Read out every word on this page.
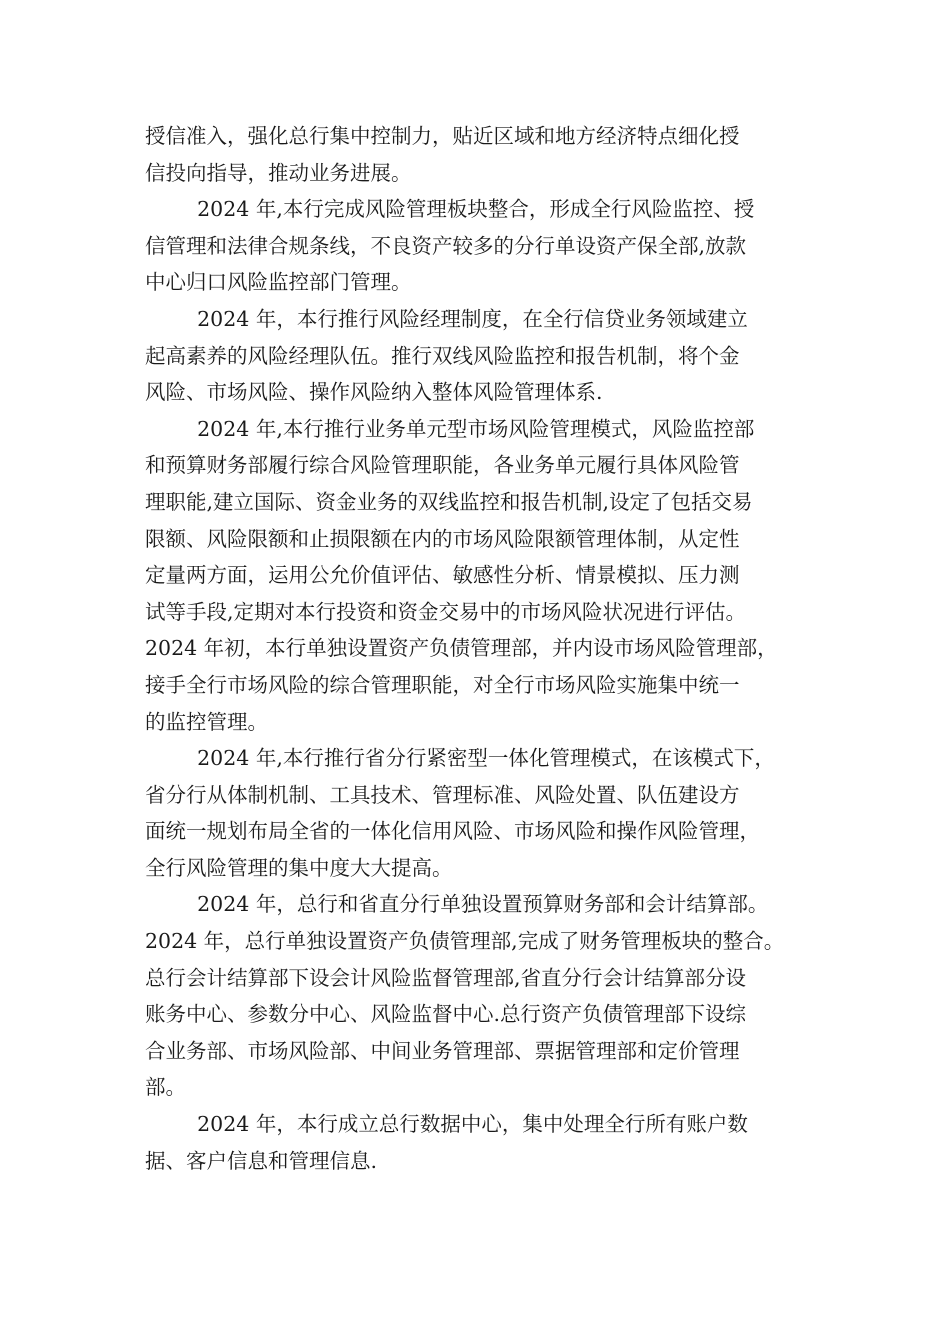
授信准入，强化总行集中控制力，贴近区域和地方经济特点细化授
信投向指导，推动业务进展。
2024 年,本行完成风险管理板块整合，形成全行风险监控、授
信管理和法律合规条线，不良资产较多的分行单设资产保全部,放款
中心归口风险监控部门管理。
2024 年，本行推行风险经理制度，在全行信贷业务领域建立
起高素养的风险经理队伍。推行双线风险监控和报告机制，将个金
风险、市场风险、操作风险纳入整体风险管理体系.
2024 年,本行推行业务单元型市场风险管理模式，风险监控部
和预算财务部履行综合风险管理职能，各业务单元履行具体风险管
理职能,建立国际、资金业务的双线监控和报告机制,设定了包括交易
限额、风险限额和止损限额在内的市场风险限额管理体制，从定性
定量两方面，运用公允价值评估、敏感性分析、情景模拟、压力测
试等手段,定期对本行投资和资金交易中的市场风险状况进行评估。
2024 年初，本行单独设置资产负债管理部，并内设市场风险管理部，
接手全行市场风险的综合管理职能，对全行市场风险实施集中统一
的监控管理。
2024 年,本行推行省分行紧密型一体化管理模式，在该模式下，
省分行从体制机制、工具技术、管理标准、风险处置、队伍建设方
面统一规划布局全省的一体化信用风险、市场风险和操作风险管理，
全行风险管理的集中度大大提高。
2024 年，总行和省直分行单独设置预算财务部和会计结算部。
2024 年，总行单独设置资产负债管理部,完成了财务管理板块的整合。
总行会计结算部下设会计风险监督管理部,省直分行会计结算部分设
账务中心、参数分中心、风险监督中心.总行资产负债管理部下设综
合业务部、市场风险部、中间业务管理部、票据管理部和定价管理
部。
2024 年，本行成立总行数据中心，集中处理全行所有账户数
据、客户信息和管理信息.
